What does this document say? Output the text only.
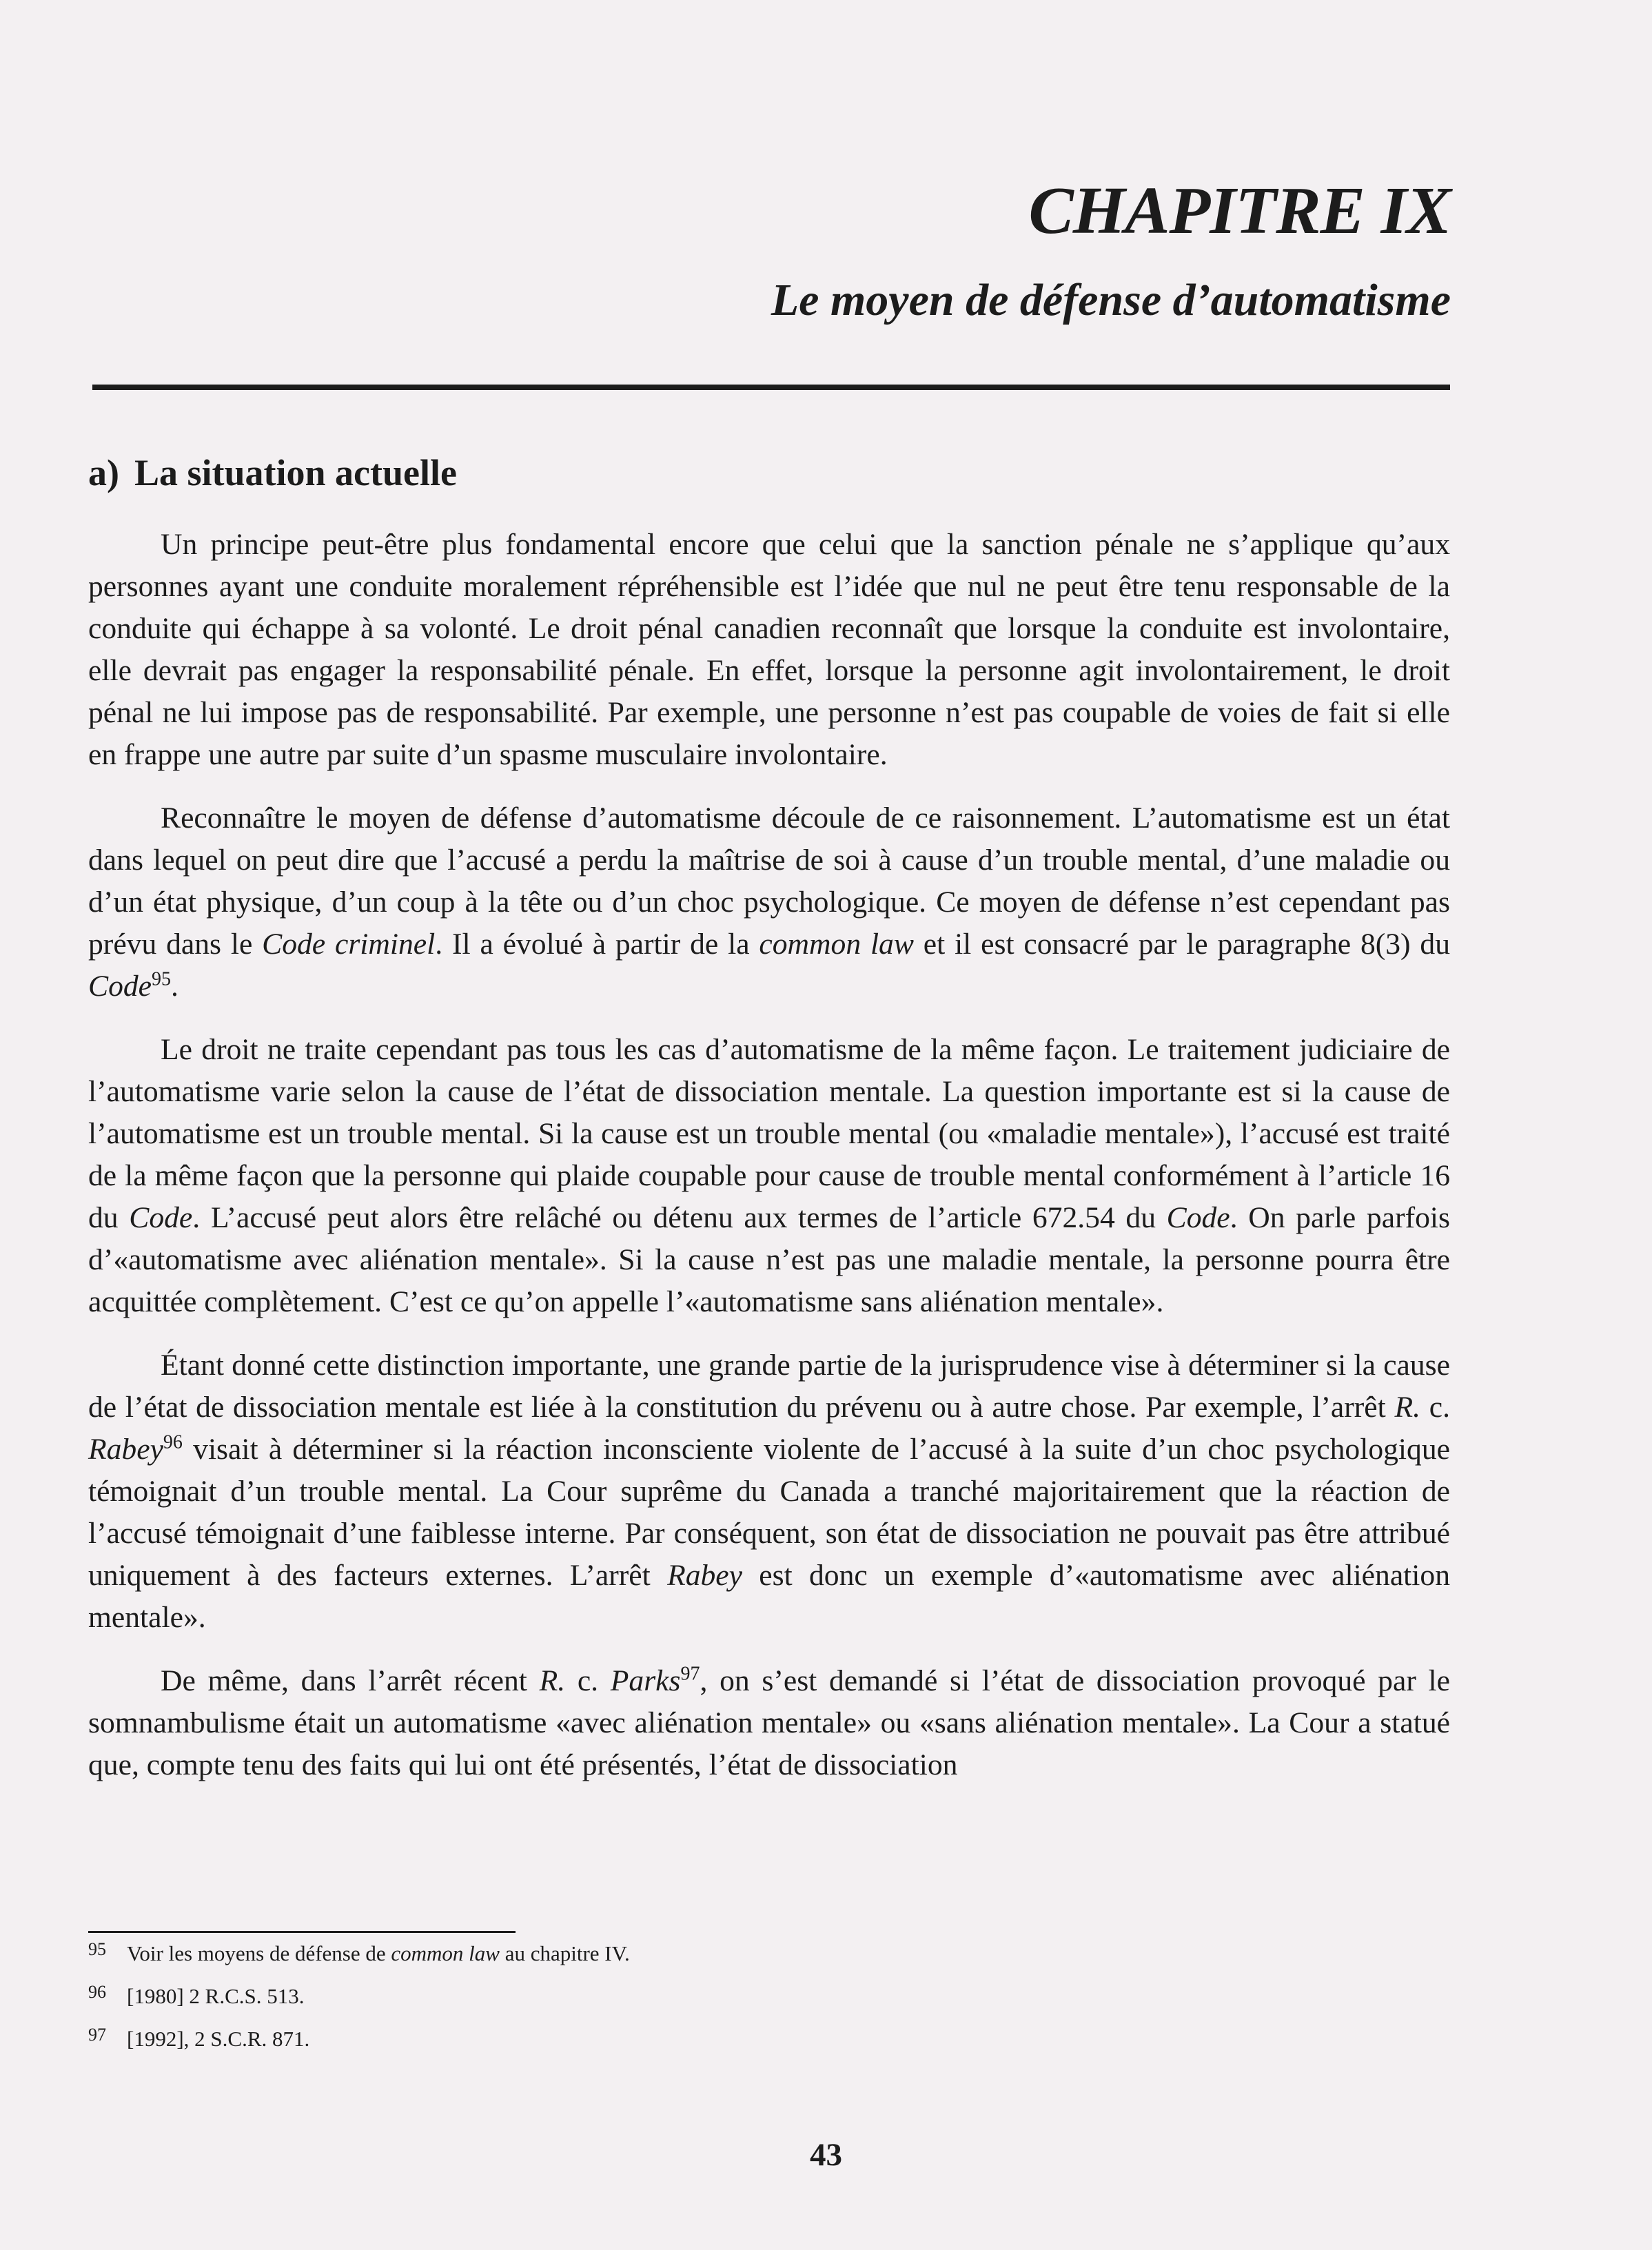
CHAPITRE IX
Le moyen de défense d’automatisme
a) La situation actuelle

Un principe peut-être plus fondamental encore que celui que la sanction pénale ne s’applique qu’aux personnes ayant une conduite moralement répréhensible est l’idée que nul ne peut être tenu responsable de la conduite qui échappe à sa volonté. Le droit pénal canadien reconnaît que lorsque la conduite est involontaire, elle devrait pas engager la responsabilité pénale. En effet, lorsque la personne agit involontairement, le droit pénal ne lui impose pas de responsabilité. Par exemple, une personne n’est pas coupable de voies de fait si elle en frappe une autre par suite d’un spasme musculaire involontaire.

Reconnaître le moyen de défense d’automatisme découle de ce raisonnement. L’automatisme est un état dans lequel on peut dire que l’accusé a perdu la maîtrise de soi à cause d’un trouble mental, d’une maladie ou d’un état physique, d’un coup à la tête ou d’un choc psychologique. Ce moyen de défense n’est cependant pas prévu dans le Code criminel. Il a évolué à partir de la common law et il est consacré par le paragraphe 8(3) du Code$^{95}$.

Le droit ne traite cependant pas tous les cas d’automatisme de la même façon. Le traitement judiciaire de l’automatisme varie selon la cause de l’état de dissociation mentale. La question importante est si la cause de l’automatisme est un trouble mental. Si la cause est un trouble mental (ou «maladie mentale»), l’accusé est traité de la même façon que la personne qui plaide coupable pour cause de trouble mental conformément à l’article 16 du Code. L’accusé peut alors être relâché ou détenu aux termes de l’article 672.54 du Code. On parle parfois d’«automatisme avec aliénation mentale». Si la cause n’est pas une maladie mentale, la personne pourra être acquittée complètement. C’est ce qu’on appelle l’«automatisme sans aliénation mentale».

Étant donné cette distinction importante, une grande partie de la jurisprudence vise à déterminer si la cause de l’état de dissociation mentale est liée à la constitution du prévenu ou à autre chose. Par exemple, l’arrêt R. c. Rabey$^{96}$ visait à déterminer si la réaction inconsciente violente de l’accusé à la suite d’un choc psychologique témoignait d’un trouble mental. La Cour suprême du Canada a tranché majoritairement que la réaction de l’accusé témoignait d’une faiblesse interne. Par conséquent, son état de dissociation ne pouvait pas être attribué uniquement à des facteurs externes. L’arrêt Rabey est donc un exemple d’«automatisme avec aliénation mentale».

De même, dans l’arrêt récent R. c. Parks$^{97}$, on s’est demandé si l’état de dissociation provoqué par le somnambulisme était un automatisme «avec aliénation mentale» ou «sans aliénation mentale». La Cour a statué que, compte tenu des faits qui lui ont été présentés, l’état de dissociation

95 Voir les moyens de défense de common law au chapitre IV.
96 [1980] 2 R.C.S. 513.
97 [1992], 2 S.C.R. 871.
43
